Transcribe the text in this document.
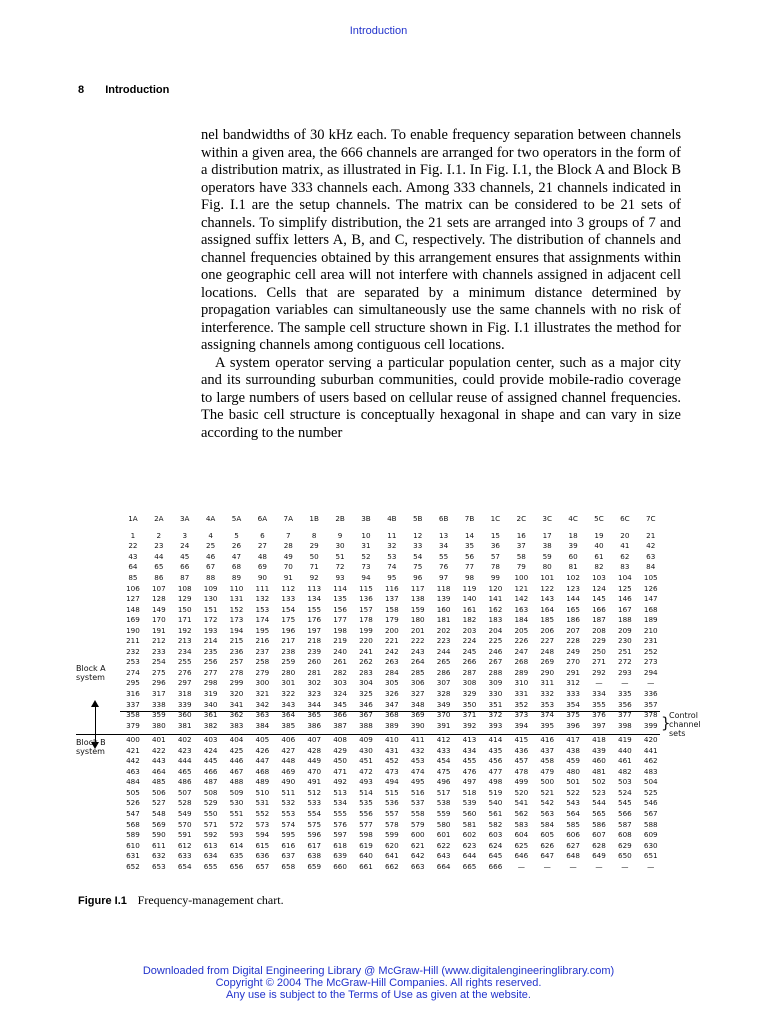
Introduction
8 Introduction

nel bandwidths of 30 kHz each. To enable frequency separation between channels within a given area, the 666 channels are arranged for two operators in the form of a distribution matrix, as illustrated in Fig. I.1. In Fig. I.1, the Block A and Block B operators have 333 channels each. Among 333 channels, 21 channels indicated in Fig. I.1 are the setup channels. The matrix can be considered to be 21 sets of channels. To simplify distribution, the 21 sets are arranged into 3 groups of 7 and assigned suffix letters A, B, and C, respectively. The distribution of channels and channel frequencies obtained by this arrangement ensures that assignments within one geographic cell area will not interfere with channels assigned in adjacent cell locations. Cells that are separated by a minimum distance determined by propagation variables can simultaneously use the same channels with no risk of interference. The sample cell structure shown in Fig. I.1 illustrates the method for assigning channels among contiguous cell locations.

A system operator serving a particular population center, such as a major city and its surrounding suburban communities, could provide mobile-radio coverage to large numbers of users based on cellular reuse of assigned channel frequencies. The basic cell structure is conceptually hexagonal in shape and can vary in size according to the number

1A	2A	3A	4A	5A	6A	7A	1B	2B	3B	4B	5B	6B	7B	1C	2C	3C	4C	5C	6C	7C
1	2	3	4	5	6	7	8	9	10	11	12	13	14	15	16	17	18	19	20	21
22	23	24	25	26	27	28	29	30	31	32	33	34	35	36	37	38	39	40	41	42
43	44	45	46	47	48	49	50	51	52	53	54	55	56	57	58	59	60	61	62	63
64	65	66	67	68	69	70	71	72	73	74	75	76	77	78	79	80	81	82	83	84
85	86	87	88	89	90	91	92	93	94	95	96	97	98	99	100	101	102	103	104	105
106	107	108	109	110	111	112	113	114	115	116	117	118	119	120	121	122	123	124	125	126
127	128	129	130	131	132	133	134	135	136	137	138	139	140	141	142	143	144	145	146	147
148	149	150	151	152	153	154	155	156	157	158	159	160	161	162	163	164	165	166	167	168
169	170	171	172	173	174	175	176	177	178	179	180	181	182	183	184	185	186	187	188	189
190	191	192	193	194	195	196	197	198	199	200	201	202	203	204	205	206	207	208	209	210
211	212	213	214	215	216	217	218	219	220	221	222	223	224	225	226	227	228	229	230	231
232	233	234	235	236	237	238	239	240	241	242	243	244	245	246	247	248	249	250	251	252
253	254	255	256	257	258	259	260	261	262	263	264	265	266	267	268	269	270	271	272	273
274	275	276	277	278	279	280	281	282	283	284	285	286	287	288	289	290	291	292	293	294
295	296	297	298	299	300	301	302	303	304	305	306	307	308	309	310	311	312	—	—	—
316	317	318	319	320	321	322	323	324	325	326	327	328	329	330	331	332	333	334	335	336
337	338	339	340	341	342	343	344	345	346	347	348	349	350	351	352	353	354	355	356	357
358	359	360	361	362	363	364	365	366	367	368	369	370	371	372	373	374	375	376	377	378
379	380	381	382	383	384	385	386	387	388	389	390	391	392	393	394	395	396	397	398	399

400	401	402	403	404	405	406	407	408	409	410	411	412	413	414	415	416	417	418	419	420
421	422	423	424	425	426	427	428	429	430	431	432	433	434	435	436	437	438	439	440	441
442	443	444	445	446	447	448	449	450	451	452	453	454	455	456	457	458	459	460	461	462
463	464	465	466	467	468	469	470	471	472	473	474	475	476	477	478	479	480	481	482	483
484	485	486	487	488	489	490	491	492	493	494	495	496	497	498	499	500	501	502	503	504
505	506	507	508	509	510	511	512	513	514	515	516	517	518	519	520	521	522	523	524	525
526	527	528	529	530	531	532	533	534	535	536	537	538	539	540	541	542	543	544	545	546
547	548	549	550	551	552	553	554	555	556	557	558	559	560	561	562	563	564	565	566	567
568	569	570	571	572	573	574	575	576	577	578	579	580	581	582	583	584	585	586	587	588
589	590	591	592	593	594	595	596	597	598	599	600	601	602	603	604	605	606	607	608	609
610	611	612	613	614	615	616	617	618	619	620	621	622	623	624	625	626	627	628	629	630
631	632	633	634	635	636	637	638	639	640	641	642	643	644	645	646	647	648	649	650	651
652	653	654	655	656	657	658	659	660	661	662	663	664	665	666	—	—	—	—	—	—
Block A
system
Block B
system
}
Control
channel
sets
Figure I.1 Frequency-management chart.
Downloaded from Digital Engineering Library @ McGraw-Hill (www.digitalengineeringlibrary.com)
Copyright © 2004 The McGraw-Hill Companies. All rights reserved.
Any use is subject to the Terms of Use as given at the website.
